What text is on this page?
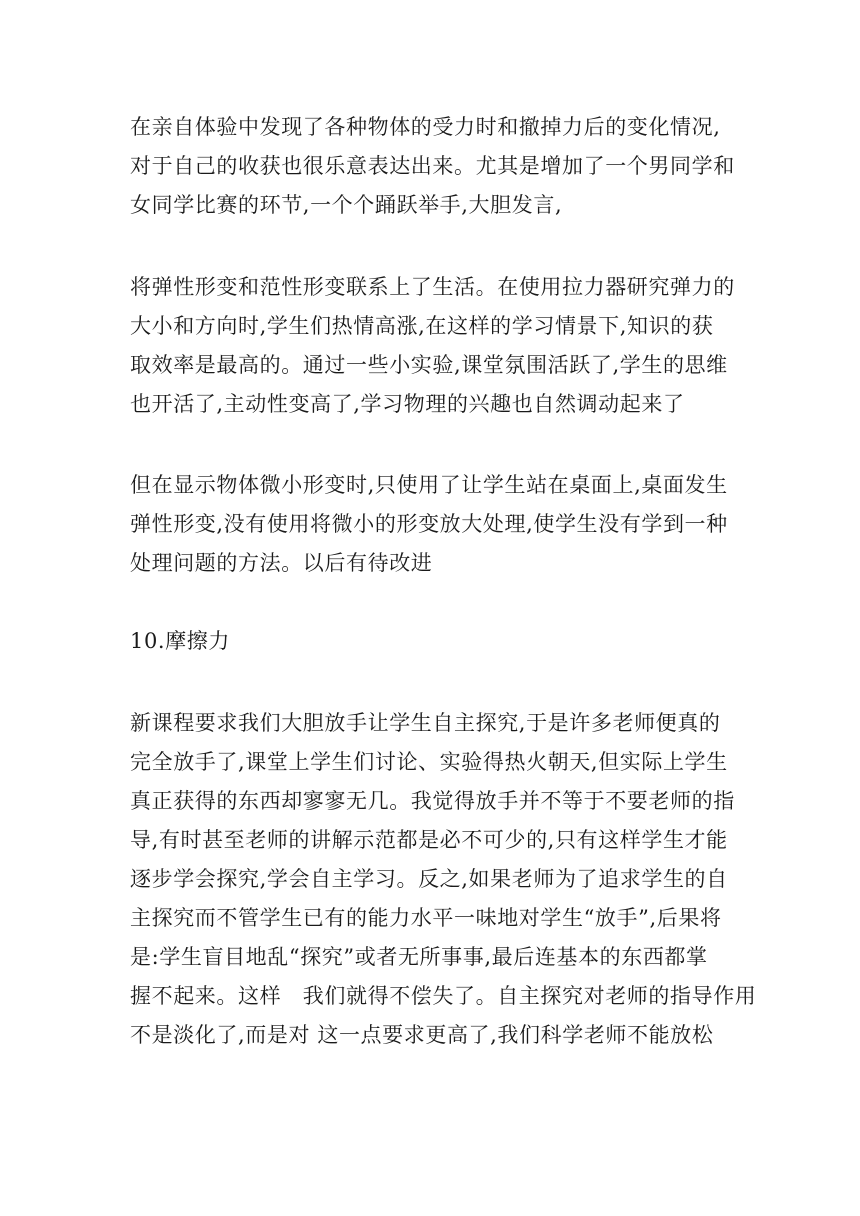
在亲自体验中发现了各种物体的受力时和撤掉力后的变化情况,
对于自己的收获也很乐意表达出来。尤其是增加了一个男同学和
女同学比赛的环节,一个个踊跃举手,大胆发言,
将弹性形变和范性形变联系上了生活。在使用拉力器研究弹力的
大小和方向时,学生们热情高涨,在这样的学习情景下,知识的获
取效率是最高的。通过一些小实验,课堂氛围活跃了,学生的思维
也开活了,主动性变高了,学习物理的兴趣也自然调动起来了
但在显示物体微小形变时,只使用了让学生站在桌面上,桌面发生
弹性形变,没有使用将微小的形变放大处理,使学生没有学到一种
处理问题的方法。以后有待改进
10.摩擦力
新课程要求我们大胆放手让学生自主探究,于是许多老师便真的
完全放手了,课堂上学生们讨论、实验得热火朝天,但实际上学生
真正获得的东西却寥寥无几。我觉得放手并不等于不要老师的指
导,有时甚至老师的讲解示范都是必不可少的,只有这样学生才能
逐步学会探究,学会自主学习。反之,如果老师为了追求学生的自
主探究而不管学生已有的能力水平一味地对学生“放手”,后果将
是:学生盲目地乱“探究”或者无所事事,最后连基本的东西都掌
握不起来。这样　我们就得不偿失了。自主探究对老师的指导作用
不是淡化了,而是对 这一点要求更高了,我们科学老师不能放松
